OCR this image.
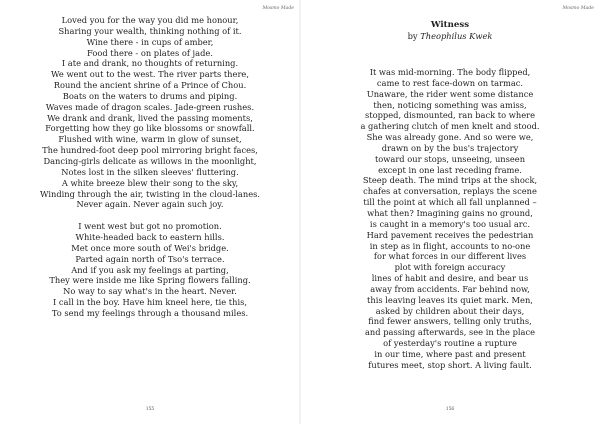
Mosmo Made
Loved you for the way you did me honour,
Sharing your wealth, thinking nothing of it.
Wine there - in cups of amber,
Food there - on plates of jade.
I ate and drank, no thoughts of returning.
We went out to the west. The river parts there,
Round the ancient shrine of a Prince of Chou.
Boats on the waters to drums and piping.
Waves made of dragon scales. Jade-green rushes.
We drank and drank, lived the passing moments,
Forgetting how they go like blossoms or snowfall.
Flushed with wine, warm in glow of sunset,
The hundred-foot deep pool mirroring bright faces,
Dancing-girls delicate as willows in the moonlight,
Notes lost in the silken sleeves' fluttering.
A white breeze blew their song to the sky,
Winding through the air, twisting in the cloud-lanes.
Never again. Never again such joy.
I went west but got no promotion.
White-headed back to eastern hills.
Met once more south of Wei's bridge.
Parted again north of Tso's terrace.
And if you ask my feelings at parting,
They were inside me like Spring flowers falling.
No way to say what's in the heart. Never.
I call in the boy. Have him kneel here, tie this,
To send my feelings through a thousand miles.
155
Mosmo Made
Witness
by Theophilus Kwek
It was mid-morning. The body flipped,
came to rest face-down on tarmac.
Unaware, the rider went some distance
then, noticing something was amiss,
stopped, dismounted, ran back to where
a gathering clutch of men knelt and stood.
She was already gone. And so were we,
drawn on by the bus's trajectory
toward our stops, unseeing, unseen
except in one last receding frame.
Steep death. The mind trips at the shock,
chafes at conversation, replays the scene
till the point at which all fall unplanned –
what then? Imagining gains no ground,
is caught in a memory's too usual arc.
Hard pavement receives the pedestrian
in step as in flight, accounts to no-one
for what forces in our different lives
plot with foreign accuracy
lines of habit and desire, and bear us
away from accidents. Far behind now,
this leaving leaves its quiet mark. Men,
asked by children about their days,
find fewer answers, telling only truths,
and passing afterwards, see in the place
of yesterday's routine a rupture
in our time, where past and present
futures meet, stop short. A living fault.
156
